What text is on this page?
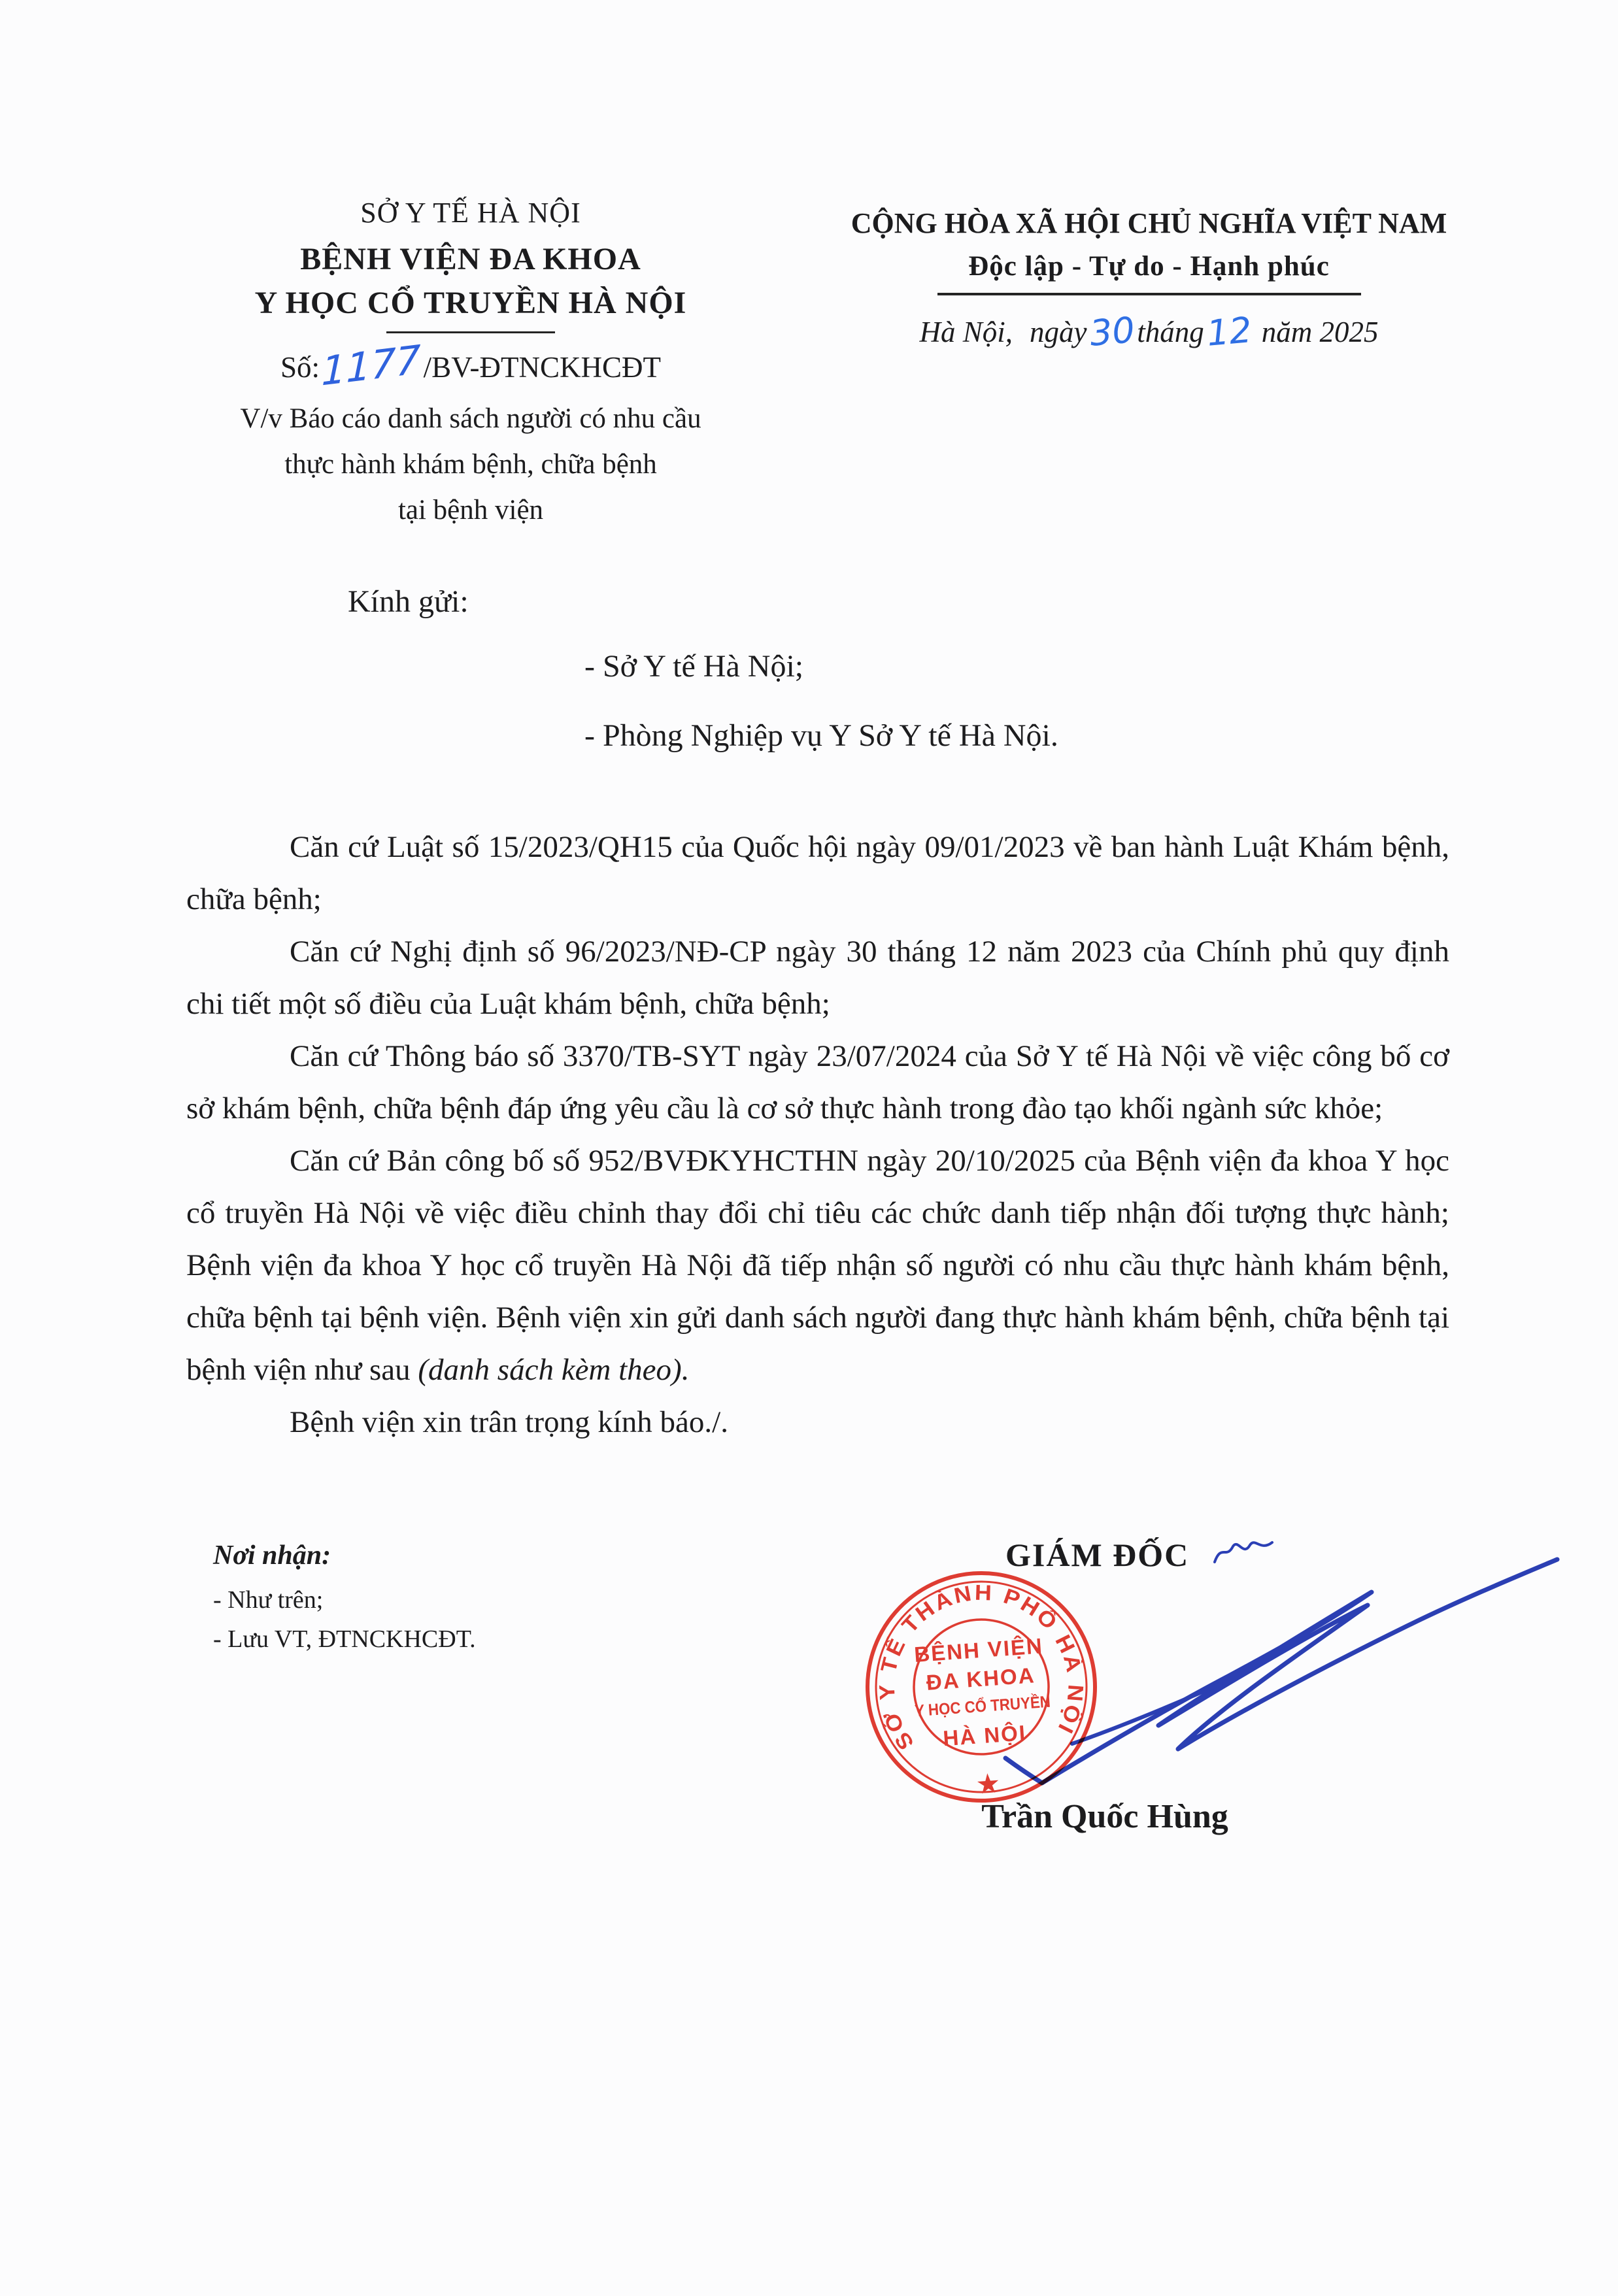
SỞ Y TẾ HÀ NỘI
BỆNH VIỆN ĐA KHOA
Y HỌC CỔ TRUYỀN HÀ NỘI
Số:1177/BV-ĐTNCKHCĐT
V/v Báo cáo danh sách người có nhu cầu
thực hành khám bệnh, chữa bệnh
tại bệnh viện
CỘNG HÒA XÃ HỘI CHỦ NGHĨA VIỆT NAM
Độc lập - Tự do - Hạnh phúc
Hà Nội, ngày30tháng12 năm 2025
Kính gửi:
- Sở Y tế Hà Nội;
- Phòng Nghiệp vụ Y Sở Y tế Hà Nội.

Căn cứ Luật số 15/2023/QH15 của Quốc hội ngày 09/01/2023 về ban hành Luật Khám bệnh, chữa bệnh;

Căn cứ Nghị định số 96/2023/NĐ-CP ngày 30 tháng 12 năm 2023 của Chính phủ quy định chi tiết một số điều của Luật khám bệnh, chữa bệnh;

Căn cứ Thông báo số 3370/TB-SYT ngày 23/07/2024 của Sở Y tế Hà Nội về việc công bố cơ sở khám bệnh, chữa bệnh đáp ứng yêu cầu là cơ sở thực hành trong đào tạo khối ngành sức khỏe;

Căn cứ Bản công bố số 952/BVĐKYHCTHN ngày 20/10/2025 của Bệnh viện đa khoa Y học cổ truyền Hà Nội về việc điều chỉnh thay đổi chỉ tiêu các chức danh tiếp nhận đối tượng thực hành; Bệnh viện đa khoa Y học cổ truyền Hà Nội đã tiếp nhận số người có nhu cầu thực hành khám bệnh, chữa bệnh tại bệnh viện. Bệnh viện xin gửi danh sách người đang thực hành khám bệnh, chữa bệnh tại bệnh viện như sau (danh sách kèm theo).

Bệnh viện xin trân trọng kính báo./.

Nơi nhận:
- Như trên;
- Lưu VT, ĐTNCKHCĐT.
GIÁM ĐỐC
SỞ Y TẾ THÀNH PHỐ HÀ NỘI
★
BỆNH VIỆN
ĐA KHOA
Y HỌC CỔ TRUYỀN
HÀ NỘI
Trần Quốc Hùng
